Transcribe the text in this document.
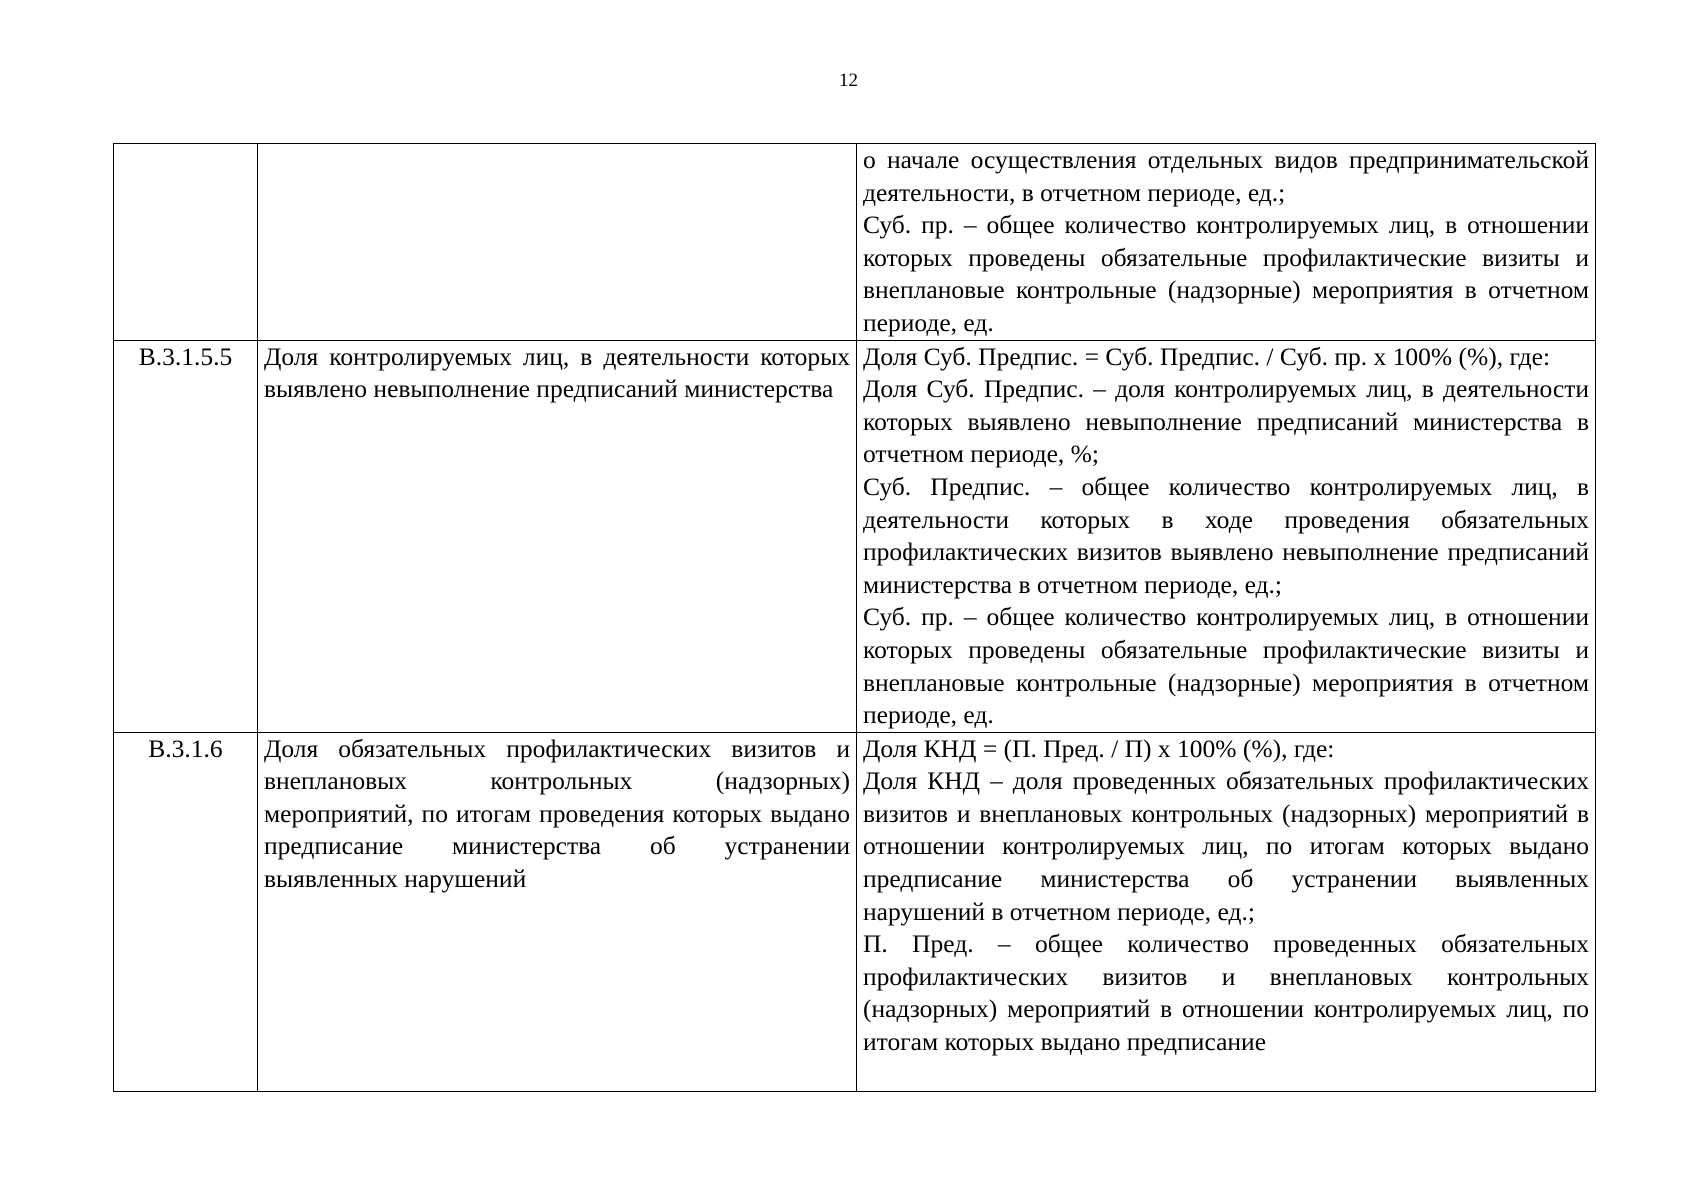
12

		о начале осуществления отдельных видов предпринимательской деятельности, в отчетном периоде, ед.;
Суб. пр. – общее количество контролируемых лиц, в отношении которых проведены обязательные профилактические визиты и внеплановые контрольные (надзорные) мероприятия в отчетном периоде, ед.

В.3.1.5.5	Доля контролируемых лиц, в деятельности которых выявлено невыполнение предписаний министерства	Доля Суб. Предпис. = Суб. Предпис. / Суб. пр. х 100% (%), где:
Доля Суб. Предпис. – доля контролируемых лиц, в деятельности которых выявлено невыполнение предписаний министерства в отчетном периоде, %;
Суб. Предпис. – общее количество контролируемых лиц, в деятельности которых в ходе проведения обязательных профилактических визитов выявлено невыполнение предписаний министерства в отчетном периоде, ед.;
Суб. пр. – общее количество контролируемых лиц, в отношении которых проведены обязательные профилактические визиты и внеплановые контрольные (надзорные) мероприятия в отчетном периоде, ед.

В.3.1.6	Доля обязательных профилактических визитов и внеплановых контрольных (надзорных) мероприятий, по итогам проведения которых выдано предписание министерства об устранении выявленных нарушений	Доля КНД = (П. Пред. / П) х 100% (%), где:
Доля КНД – доля проведенных обязательных профилактических визитов и внеплановых контрольных (надзорных) мероприятий в отношении контролируемых лиц, по итогам которых выдано предписание министерства об устранении выявленных нарушений в отчетном периоде, ед.;
П. Пред. – общее количество проведенных обязательных профилактических визитов и внеплановых контрольных (надзорных) мероприятий в отношении контролируемых лиц, по итогам которых выдано предписание
